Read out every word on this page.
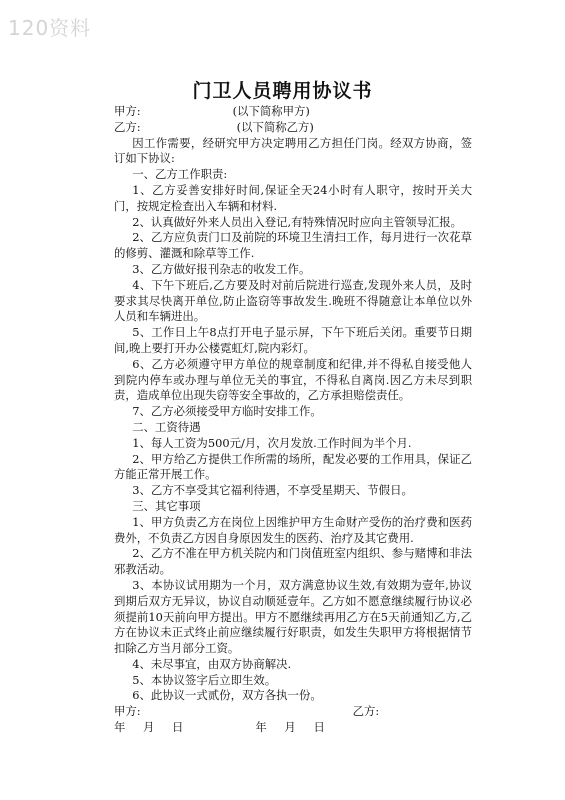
120资料
门卫人员聘用协议书

甲方:	(以下简称甲方)

乙方:	(以下简称乙方)

因工作需要，经研究甲方决定聘用乙方担任门岗。经双方协商，签订如下协议:

一、乙方工作职责:

1、乙方妥善安排好时间,保证全天24小时有人职守，按时开关大门，按规定检查出入车辆和材料.

2、认真做好外来人员出入登记,有特殊情况时应向主管领导汇报。

2、乙方应负责门口及前院的环境卫生清扫工作，每月进行一次花草的修剪、灌溉和除草等工作.

3、乙方做好报刊杂志的收发工作。

4、下午下班后,乙方要及时对前后院进行巡查,发现外来人员，及时要求其尽快离开单位,防止盗窃等事故发生.晚班不得随意让本单位以外人员和车辆进出。

5、工作日上午8点打开电子显示屏，下午下班后关闭。重要节日期间,晚上要打开办公楼霓虹灯,院内彩灯。

6、乙方必须遵守甲方单位的规章制度和纪律,并不得私自接受他人到院内停车或办理与单位无关的事宜，不得私自离岗.因乙方未尽到职责，造成单位出现失窃等安全事故的，乙方承担赔偿责任。

7、乙方必须接受甲方临时安排工作。

二、工资待遇

1、每人工资为500元/月，次月发放.工作时间为半个月.

2、甲方给乙方提供工作所需的场所，配发必要的工作用具，保证乙方能正常开展工作。

3、乙方不享受其它福利待遇，不享受星期天、节假日。

三、其它事项

1、甲方负责乙方在岗位上因维护甲方生命财产受伤的治疗费和医药费外，不负责乙方因自身原因发生的医药、治疗及其它费用.

2、乙方不准在甲方机关院内和门岗值班室内组织、参与赌博和非法邪教活动。

3、本协议试用期为一个月，双方满意协议生效,有效期为壹年,协议到期后双方无异议，协议自动顺延壹年。乙方如不愿意继续履行协议必须提前10天前向甲方提出。甲方不愿继续再用乙方在5天前通知乙方,乙方在协议未正式终止前应继续履行好职责，如发生失职甲方将根据情节扣除乙方当月部分工资。

4、未尽事宜，由双方协商解决.

5、本协议签字后立即生效。

6、此协议一式贰份，双方各执一份。

甲方:	乙方:

年 月 日	年 月 日
